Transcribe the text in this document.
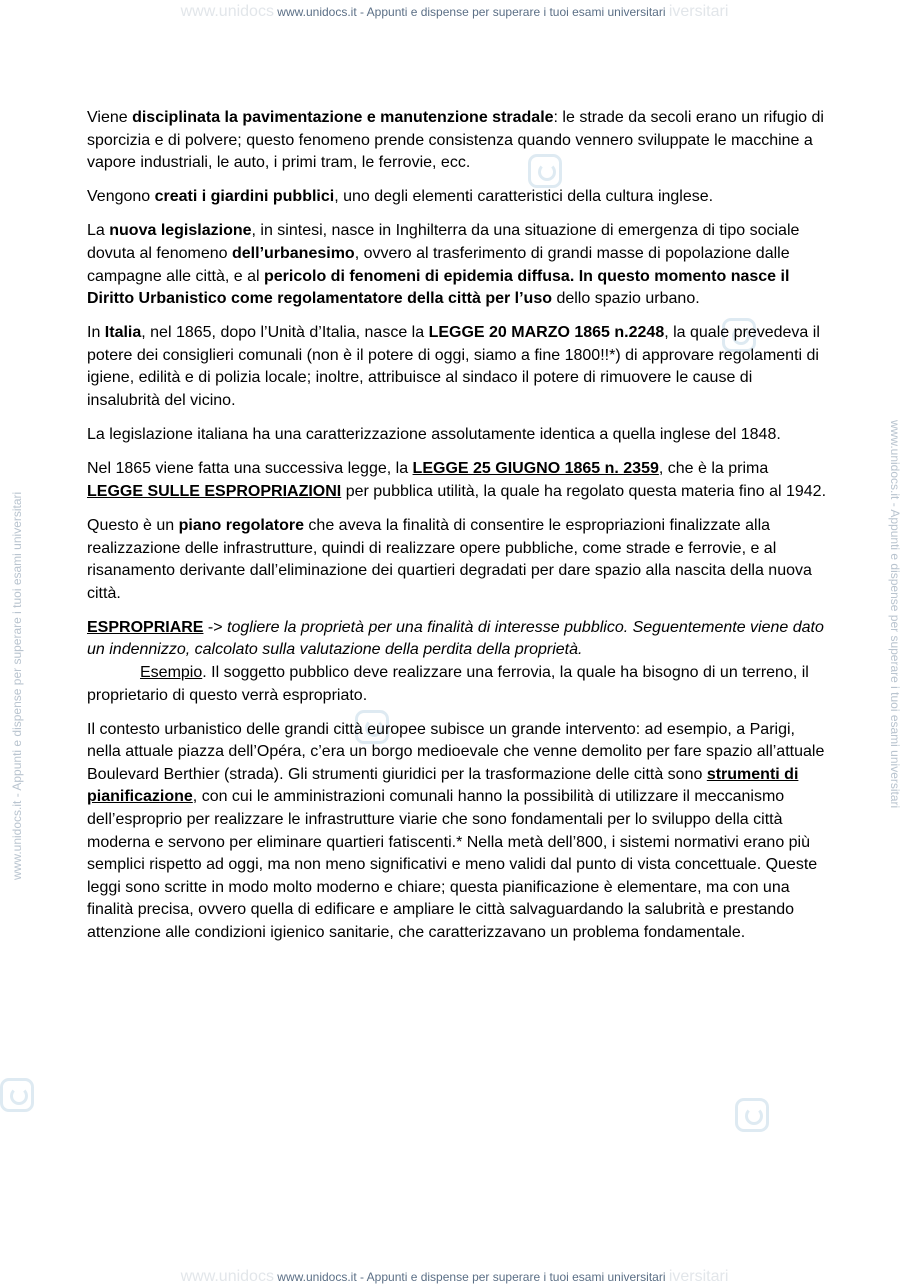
www.unidocs www.unidocs.it - Appunti e dispense per superare i tuoi esami universitari iversitari
www.unidocs.it - Appunti e dispense per superare i tuoi esami universitari	www.unidocs.it - Appunti e dispense per superare i tuoi esami universitari

Viene disciplinata la pavimentazione e manutenzione stradale: le strade da secoli erano un rifugio di sporcizia e di polvere; questo fenomeno prende consistenza quando vennero sviluppate le macchine a vapore industriali, le auto, i primi tram, le ferrovie, ecc.

Vengono creati i giardini pubblici, uno degli elementi caratteristici della cultura inglese.

La nuova legislazione, in sintesi, nasce in Inghilterra da una situazione di emergenza di tipo sociale dovuta al fenomeno dell’urbanesimo, ovvero al trasferimento di grandi masse di popolazione dalle campagne alle città, e al pericolo di fenomeni di epidemia diffusa. In questo momento nasce il Diritto Urbanistico come regolamentatore della città per l’uso dello spazio urbano.

In Italia, nel 1865, dopo l’Unità d’Italia, nasce la LEGGE 20 MARZO 1865 n.2248, la quale prevedeva il potere dei consiglieri comunali (non è il potere di oggi, siamo a fine 1800!!*) di approvare regolamenti di igiene, edilità e di polizia locale; inoltre, attribuisce al sindaco il potere di rimuovere le cause di insalubrità del vicino.

La legislazione italiana ha una caratterizzazione assolutamente identica a quella inglese del 1848.

Nel 1865 viene fatta una successiva legge, la LEGGE 25 GIUGNO 1865 n. 2359, che è la prima LEGGE SULLE ESPROPRIAZIONI per pubblica utilità, la quale ha regolato questa materia fino al 1942.

Questo è un piano regolatore che aveva la finalità di consentire le espropriazioni finalizzate alla realizzazione delle infrastrutture, quindi di realizzare opere pubbliche, come strade e ferrovie, e al risanamento derivante dall’eliminazione dei quartieri degradati per dare spazio alla nascita della nuova città.

ESPROPRIARE -> togliere la proprietà per una finalità di interesse pubblico. Seguentemente viene dato un indennizzo, calcolato sulla valutazione della perdita della proprietà.
Esempio. Il soggetto pubblico deve realizzare una ferrovia, la quale ha bisogno di un terreno, il proprietario di questo verrà espropriato.

Il contesto urbanistico delle grandi città europee subisce un grande intervento: ad esempio, a Parigi, nella attuale piazza dell’Opéra, c’era un borgo medioevale che venne demolito per fare spazio all’attuale Boulevard Berthier (strada). Gli strumenti giuridici per la trasformazione delle città sono strumenti di pianificazione, con cui le amministrazioni comunali hanno la possibilità di utilizzare il meccanismo dell’esproprio per realizzare le infrastrutture viarie che sono fondamentali per lo sviluppo della città moderna e servono per eliminare quartieri fatiscenti.* Nella metà dell’800, i sistemi normativi erano più semplici rispetto ad oggi, ma non meno significativi e meno validi dal punto di vista concettuale. Queste leggi sono scritte in modo molto moderno e chiare; questa pianificazione è elementare, ma con una finalità precisa, ovvero quella di edificare e ampliare le città salvaguardando la salubrità e prestando attenzione alle condizioni igienico sanitarie, che caratterizzavano un problema fondamentale.

www.unidocs www.unidocs.it - Appunti e dispense per superare i tuoi esami universitari iversitari
